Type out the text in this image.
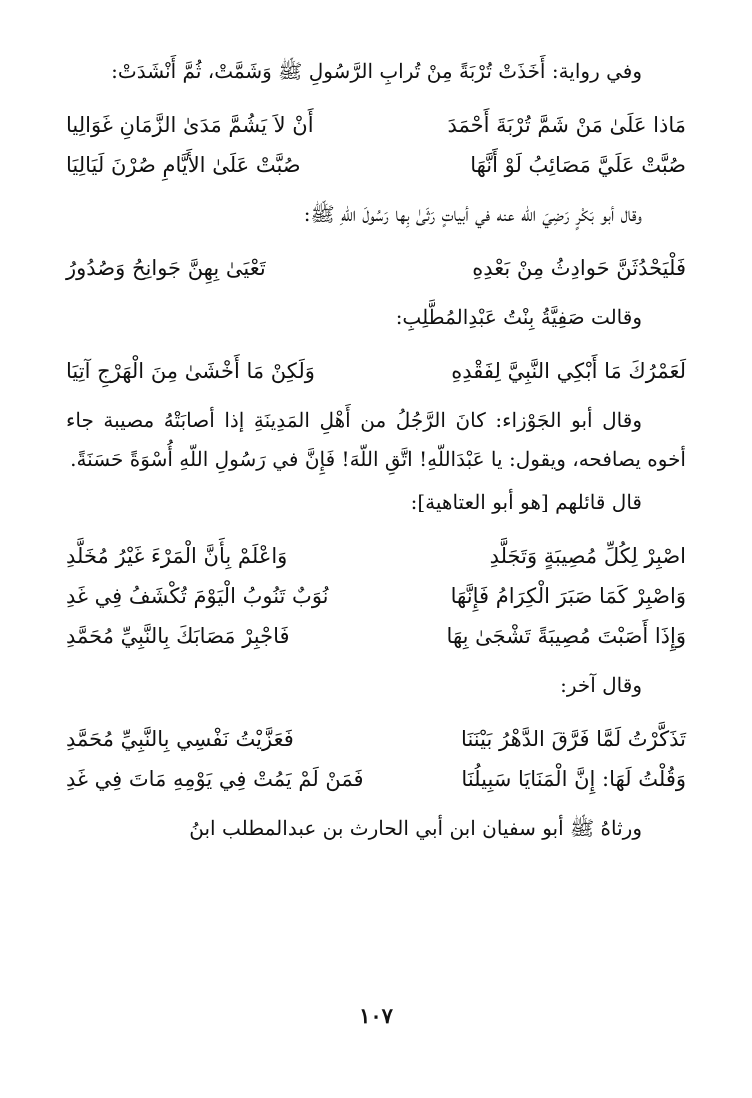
وفي رواية: أَخَذَتْ تُرْبَةً مِنْ تُرابِ الرَّسُولِ ﷺ وَشَمَّتْ، ثُمَّ أَنْشَدَتْ:

مَاذا عَلَىٰ مَنْ شَمَّ تُرْبَةَ أَحْمَدَ
أَنْ لاَ يَشُمَّ مَدَىٰ الزَّمَانِ غَوَالِيا
صُبَّتْ عَلَيَّ مَصَائِبُ لَوْ أَنَّهَا
صُبَّتْ عَلَىٰ الأَيَّامِ صُرْنَ لَيَالِيَا

وقال أبو بَكْرٍ رَضِيَ الله عنه في أبياتٍ رَثَىٰ بِها رَسُولَ اللّهِ ﷺ:

فَلْيَحْدُثَنَّ حَوادِثُ مِنْ بَعْدِهِ
تَعْيَىٰ بِهِنَّ جَوانِحُ وَصُدُورُ

وقالت صَفِيَّةُ بِنْتُ عَبْدِالمُطَّلِبِ:

لَعَمْرُكَ مَا أَبْكِي النَّبِيَّ لِفَقْدِهِ
وَلَكِنْ مَا أَخْشَىٰ مِنَ الْهَرْجِ آتِيَا

وقال أبو الجَوْزاء: كانَ الرَّجُلُ من أَهْلِ المَدِينَةِ إذا أصابَتْهُ مصيبة جاء أخوه يصافحه، ويقول: يا عَبْدَاللّهِ! اتَّقِ اللّهَ! فَإِنَّ في رَسُولِ اللّهِ أُسْوَةً حَسَنَةً.

قال قائلهم [هو أبو العتاهية]:

اصْبِرْ لِكُلِّ مُصِيبَةٍ وَتَجَلَّدِ
وَاعْلَمْ بِأَنَّ الْمَرْءَ غَيْرُ مُخَلَّدِ
وَاصْبِرْ كَمَا صَبَرَ الْكِرَامُ فَإِنَّهَا
نُوَبٌ تَنُوبُ الْيَوْمَ تُكْشَفُ فِي غَدِ
وَإِذَا أَصَبْتَ مُصِيبَةً تَشْجَىٰ بِهَا
فَاجْبِرْ مَصَابَكَ بِالنَّبِيِّ مُحَمَّدِ

وقال آخر:

تَذَكَّرْتُ لَمَّا فَرَّقَ الدَّهْرُ بَيْنَنَا
فَعَزَّيْتُ نَفْسِي بِالنَّبِيِّ مُحَمَّدِ
وَقُلْتُ لَهَا: إِنَّ الْمَنَايَا سَبِيلُنَا
فَمَنْ لَمْ يَمُتْ فِي يَوْمِهِ مَاتَ فِي غَدِ

ورثاهُ ﷺ أبو سفيان ابن أبي الحارث بن عبدالمطلب ابنُ

١٠٧
